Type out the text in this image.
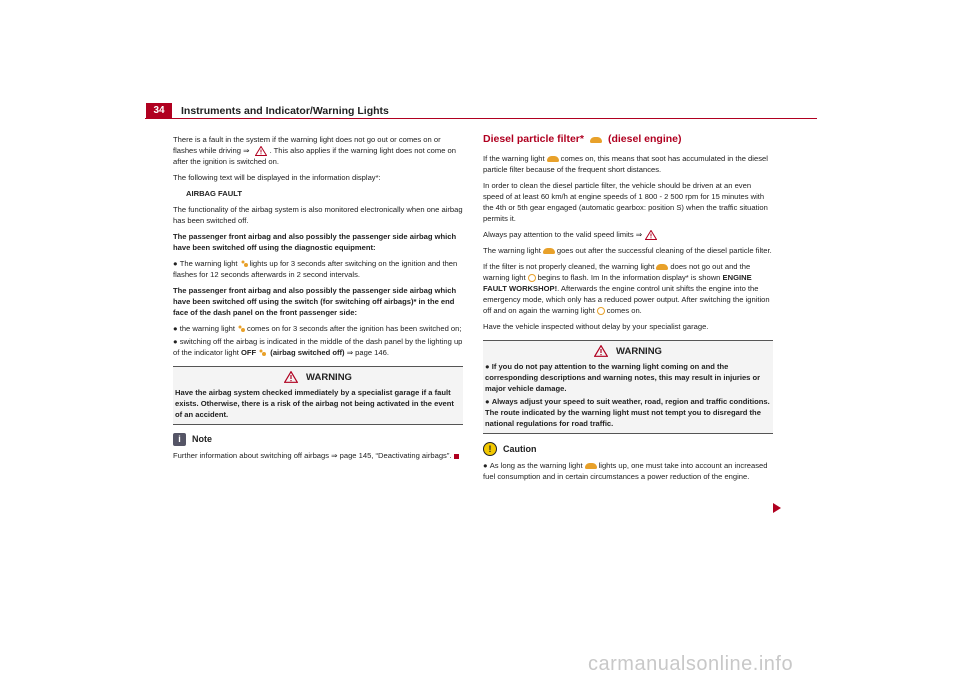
34	Instruments and Indicator/Warning Lights

There is a fault in the system if the warning light does not go out or comes on or flashes while driving ⇒	. This also applies if the warning light does not come on after the ignition is switched on.

The following text will be displayed in the information display*:

AIRBAG FAULT

The functionality of the airbag system is also monitored electronically when one airbag has been switched off.

The passenger front airbag and also possibly the passenger side airbag which have been switched off using the diagnostic equipment:

● The warning light lights up for 3 seconds after switching on the ignition and then flashes for 12 seconds afterwards in 2 second intervals.

The passenger front airbag and also possibly the passenger side airbag which have been switched off using the switch (for switching off airbags)* in the end face of the dash panel on the front passenger side:

● the warning light comes on for 3 seconds after the ignition has been switched on;

● switching off the airbag is indicated in the middle of the dash panel by the lighting up of the indicator light OFF (airbag switched off) ⇒ page 146.

WARNING
Have the airbag system checked immediately by a specialist garage if a fault exists. Otherwise, there is a risk of the airbag not being activated in the event of an accident.
i	Note

Further information about switching off airbags ⇒ page 145, “Deactivating airbags”.

Diesel particle filter* (diesel engine)

If the warning light comes on, this means that soot has accumulated in the diesel particle filter because of the frequent short distances.

In order to clean the diesel particle filter, the vehicle should be driven at an even speed of at least 60 km/h at engine speeds of 1 800 - 2 500 rpm for 15 minutes with the 4th or 5th gear engaged (automatic gearbox: position S) when the traffic situation permits it.

Always pay attention to the valid speed limits ⇒

The warning light goes out after the successful cleaning of the diesel particle filter.

If the filter is not properly cleaned, the warning light does not go out and the warning light begins to flash. Im In the information display* is shown ENGINE FAULT WORKSHOP!. Afterwards the engine control unit shifts the engine into the emergency mode, which only has a reduced power output. After switching the ignition off and on again the warning light comes on.

Have the vehicle inspected without delay by your specialist garage.

WARNING
● If you do not pay attention to the warning light coming on and the corresponding descriptions and warning notes, this may result in injuries or major vehicle damage.
● Always adjust your speed to suit weather, road, region and traffic conditions. The route indicated by the warning light must not tempt you to disregard the national regulations for road traffic.
!	Caution

● As long as the warning light lights up, one must take into account an increased fuel consumption and in certain circumstances a power reduction of the engine.

carmanualsonline.info
